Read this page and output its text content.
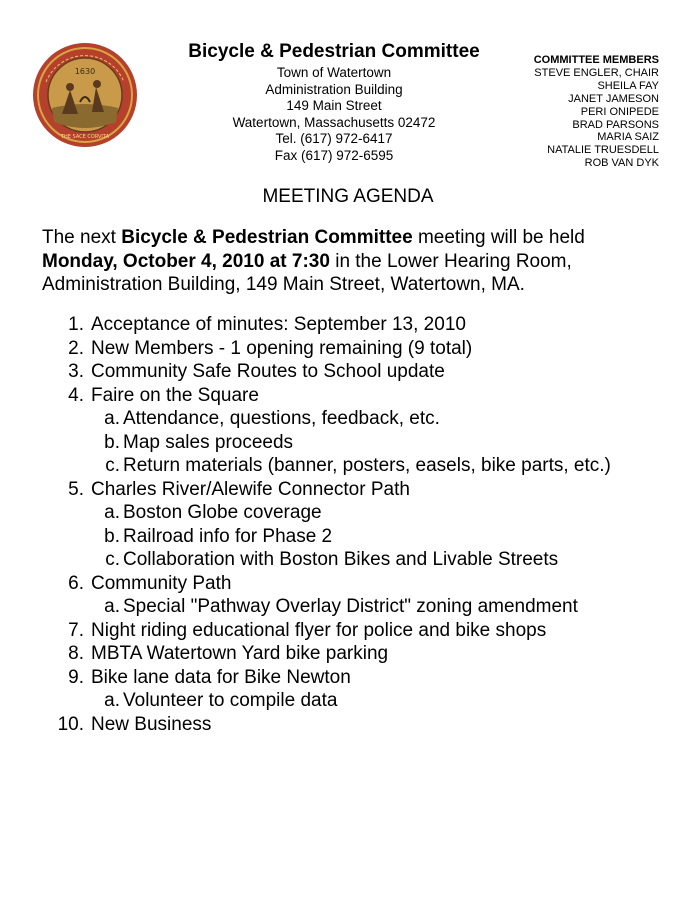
1630
THE SACE CORVITA
Bicycle & Pedestrian Committee
Town of Watertown
Administration Building
149 Main Street
Watertown, Massachusetts 02472
Tel. (617) 972-6417
Fax (617) 972-6595
COMMITTEE MEMBERS
STEVE ENGLER, CHAIR
SHEILA FAY
JANET JAMESON
PERI ONIPEDE
BRAD PARSONS
MARIA SAIZ
NATALIE TRUESDELL
ROB VAN DYK
MEETING AGENDA
The next Bicycle & Pedestrian Committee meeting will be held
Monday, October 4, 2010 at 7:30 in the Lower Hearing Room,
Administration Building, 149 Main Street, Watertown, MA.
1. Acceptance of minutes: September 13, 2010
2. New Members - 1 opening remaining (9 total)
3. Community Safe Routes to School update
4. Faire on the Square
a. Attendance, questions, feedback, etc.
b. Map sales proceeds
c. Return materials (banner, posters, easels, bike parts, etc.)
5. Charles River/Alewife Connector Path
a. Boston Globe coverage
b. Railroad info for Phase 2
c. Collaboration with Boston Bikes and Livable Streets
6. Community Path
a. Special "Pathway Overlay District" zoning amendment
7. Night riding educational flyer for police and bike shops
8. MBTA Watertown Yard bike parking
9. Bike lane data for Bike Newton
a. Volunteer to compile data
10. New Business
